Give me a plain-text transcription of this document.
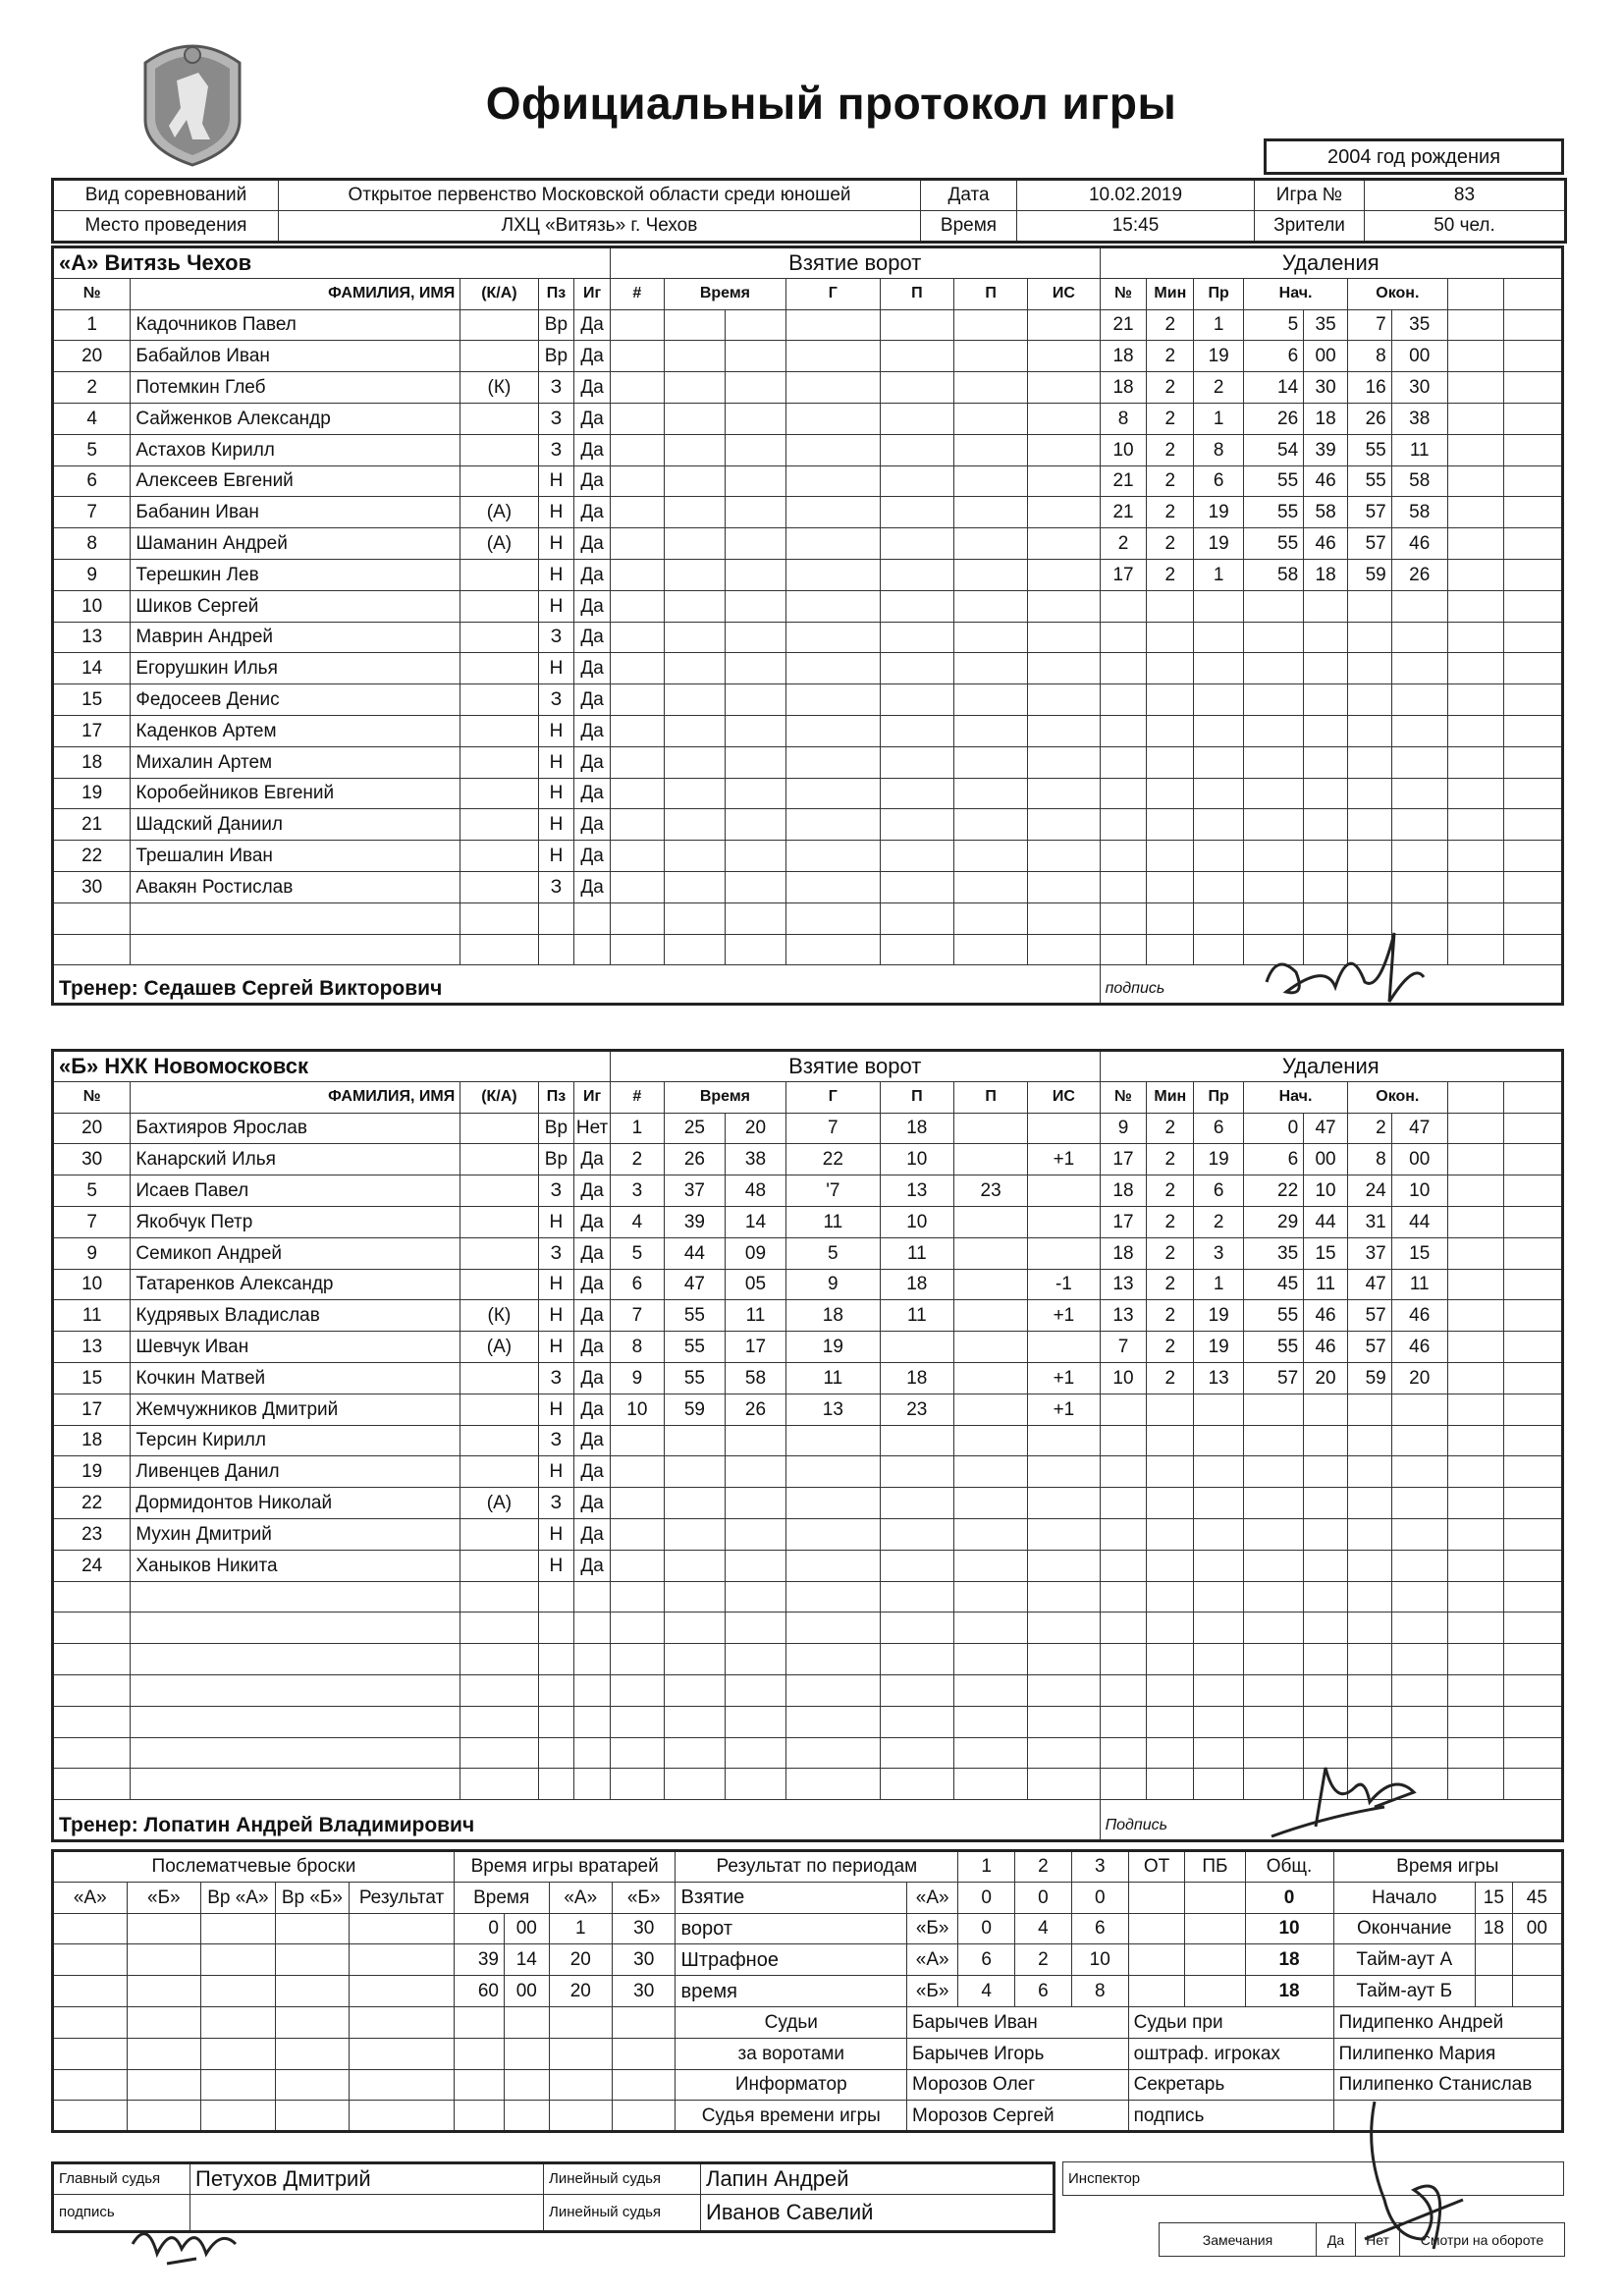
Официальный протокол игры
2004 год рождения
Вид соревнований	Открытое первенство Московской области среди юношей	Дата	10.02.2019	Игра №	83
Место проведения	ЛХЦ «Витязь» г. Чехов	Время	15:45	Зрители	50 чел.
«А» Витязь Чехов					Взятие ворот							Удаления								
№	ФАМИЛИЯ, ИМЯ	(К/А)	Пз	Иг	#	Время		Г	П	П	ИС	№	Мин	Пр	Нач.		Окон.			
1	Кадочников Павел		Вр	Да								21	2	1	5	35	7	35		
20	Бабайлов Иван		Вр	Да								18	2	19	6	00	8	00		
2	Потемкин Глеб	(К)	З	Да								18	2	2	14	30	16	30		
4	Сайженков Александр		З	Да								8	2	1	26	18	26	38		
5	Астахов Кирилл		З	Да								10	2	8	54	39	55	11		
6	Алексеев Евгений		Н	Да								21	2	6	55	46	55	58		
7	Бабанин Иван	(А)	Н	Да								21	2	19	55	58	57	58		
8	Шаманин Андрей	(А)	Н	Да								2	2	19	55	46	57	46		
9	Терешкин Лев		Н	Да								17	2	1	58	18	59	26		
10	Шиков Сергей		Н	Да																
13	Маврин Андрей		З	Да																
14	Егорушкин Илья		Н	Да																
15	Федосеев Денис		З	Да																
17	Каденков Артем		Н	Да																
18	Михалин Артем		Н	Да																
19	Коробейников Евгений		Н	Да																
21	Шадский Даниил		Н	Да																
22	Трешалин Иван		Н	Да																
30	Авакян Ростислав		З	Да																

Тренер: Седашев Сергей Викторович												подпись								
«Б» НХК Новомосковск					Взятие ворот							Удаления								
№	ФАМИЛИЯ, ИМЯ	(К/А)	Пз	Иг	#	Время		Г	П	П	ИС	№	Мин	Пр	Нач.		Окон.			
20	Бахтияров Ярослав		Вр	Нет	1	25	20	7	18			9	2	6	0	47	2	47		
30	Канарский Илья		Вр	Да	2	26	38	22	10		+1	17	2	19	6	00	8	00		
5	Исаев Павел		З	Да	3	37	48	'7	13	23		18	2	6	22	10	24	10		
7	Якобчук Петр		Н	Да	4	39	14	11	10			17	2	2	29	44	31	44		
9	Семикоп Андрей		З	Да	5	44	09	5	11			18	2	3	35	15	37	15		
10	Татаренков Александр		Н	Да	6	47	05	9	18		-1	13	2	1	45	11	47	11		
11	Кудрявых Владислав	(К)	Н	Да	7	55	11	18	11		+1	13	2	19	55	46	57	46		
13	Шевчук Иван	(А)	Н	Да	8	55	17	19				7	2	19	55	46	57	46		
15	Кочкин Матвей		З	Да	9	55	58	11	18		+1	10	2	13	57	20	59	20		
17	Жемчужников Дмитрий		Н	Да	10	59	26	13	23		+1									
18	Терсин Кирилл		З	Да																
19	Ливенцев Данил		Н	Да																
22	Дормидонтов Николай	(А)	З	Да																
23	Мухин Дмитрий		Н	Да																
24	Ханыков Никита		Н	Да																

Тренер: Лопатин Андрей Владимирович												Подпись								
Послематчевые броски					Время игры вратарей				Результат по периодам		1	2	3	ОТ	ПБ	Общ.	Время игры		
«А»	«Б»	Вр «А»	Вр «Б»	Результат	Время		«А»	«Б»	Взятие	«А»	0	0	0			0	Начало	15	45
					0	00	1	30	ворот	«Б»	0	4	6			10	Окончание	18	00
					39	14	20	30	Штрафное	«А»	6	2	10			18	Тайм-аут А		
					60	00	20	30	время	«Б»	4	6	8			18	Тайм-аут Б		
									Судьи	Барычев Иван				Судьи при			Пидипенко Андрей		
									за воротами	Барычев Игорь				оштраф. игроках			Пилипенко Мария		
									Информатор	Морозов Олег				Секретарь			Пилипенко Станислав		
									Судья времени игры	Морозов Сергей				подпись					
Главный судья	Петухов Дмитрий	Линейный судья	Лапин Андрей
подпись		Линейный судья	Иванов Савелий
Инспектор
Замечания	Да	Нет	Смотри на обороте
